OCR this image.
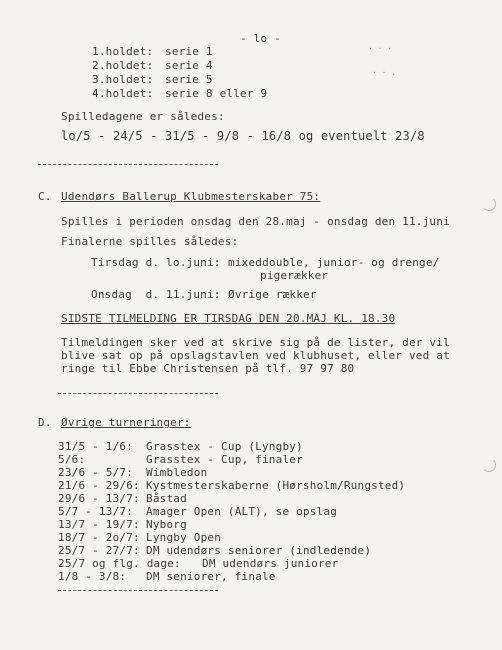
- lo -
1.holdet: serie 1
2.holdet: serie 4
3.holdet: serie 5
4.holdet: serie 8 eller 9
Spilledagene er således:
lo/5 - 24/5 - 31/5 - 9/8 - 16/8 og eventuelt 23/8
C. Udendørs Ballerup Klubmesterskaber 75:
Spilles i perioden onsdag den 28.maj - onsdag den 11.juni
Finalerne spilles således:
Tirsdag d. lo.juni: mixeddouble, junior- og drenge/
pigerækker
Onsdag  d. 11.juni: Øvrige rækker
SIDSTE TILMELDING ER TIRSDAG DEN 20.MAJ KL. 18.30
Tilmeldingen sker ved at skrive sig på de lister, der vil
blive sat op på opslagstavlen ved klubhuset, eller ved at
ringe til Ebbe Christensen på tlf. 97 97 80
D. Øvrige turneringer:
31/5 - 1/6: Grasstex - Cup (Lyngby)
5/6:	Grasstex - Cup, finaler
23/6 - 5/7: Wimbledon
21/6 - 29/6: Kystmesterskaberne (Hørsholm/Rungsted)
29/6 - 13/7: Båstad
5/7 - 13/7: Amager Open (ALT), se opslag
13/7 - 19/7: Nyborg
18/7 - 2o/7: Lyngby Open
25/7 - 27/7: DM udendørs seniorer (indledende)
25/7 og flg. dage: DM udendørs juniorer
1/8 - 3/8: DM seniorer, finale
· · ·
· · .
